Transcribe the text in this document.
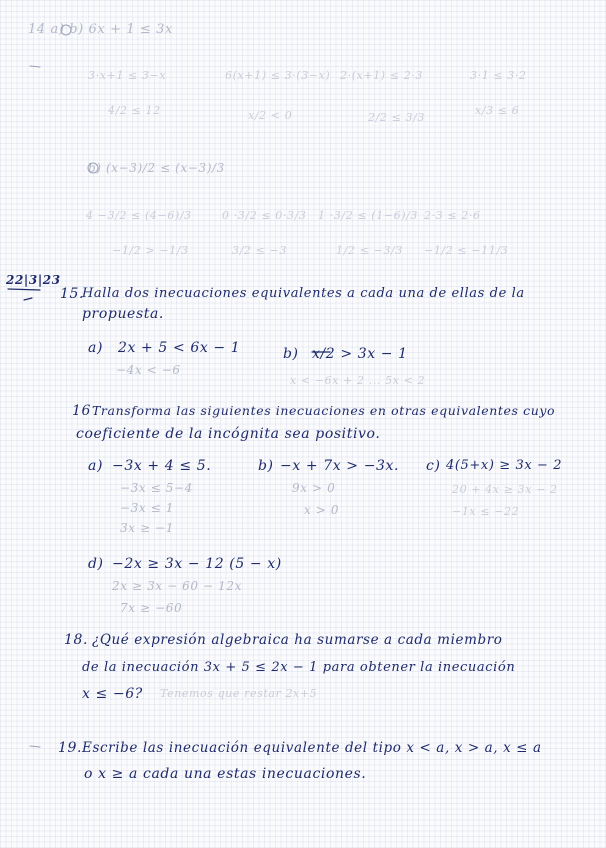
14 a) b) 6x + 1 ≤ 3x
3·x+1 ≤ 3−x	6(x+1) ≤ 3·(3−x) 2·(x+1) ≤ 2·3	3·1 ≤ 3·2
4/2 ≤ 12	x/2 < 0	2/2 ≤ 3/3
x/3 ≤ 6
b) (x−3)/2 ≤ (x−3)/3
4 −3/2 ≤ (4−6)/3	0 ·3/2 ≤ 0·3/3 1 ·3/2 ≤ (1−6)/3 2·3 ≤ 2·6
−1/2 > −1/3	3/2 ≤ −3	1/2 ≤ −3/3 −1/2 ≤ −11/3
22|3|23
15.
Halla dos inecuaciones equivalentes a cada una de ellas de la
propuesta.
a) 2x + 5 < 6x − 1
−4x < −6
b) x/2 > 3x − 1
x < −6x + 2 ... 5x < 2
16 Transforma las siguientes inecuaciones en otras equivalentes cuyo
coeficiente de la incógnita sea positivo.
a) −3x + 4 ≤ 5.
−3x ≤ 5−4
−3x ≤ 1
3x ≥ −1
b) −x + 7x > −3x.
9x > 0
x > 0
c) 4(5+x) ≥ 3x − 2
20 + 4x ≥ 3x − 2
−1x ≤ −22
d) −2x ≥ 3x − 12 (5 − x)
2x ≥ 3x − 60 − 12x
7x ≥ −60
18. ¿Qué expresión algebraica ha sumarse a cada miembro
de la inecuación 3x + 5 ≤ 2x − 1 para obtener la inecuación
x ≤ −6? Tenemos que restar 2x+5
19. Escribe las inecuación equivalente del tipo x < a, x > a, x ≤ a
o x ≥ a cada una estas inecuaciones.
